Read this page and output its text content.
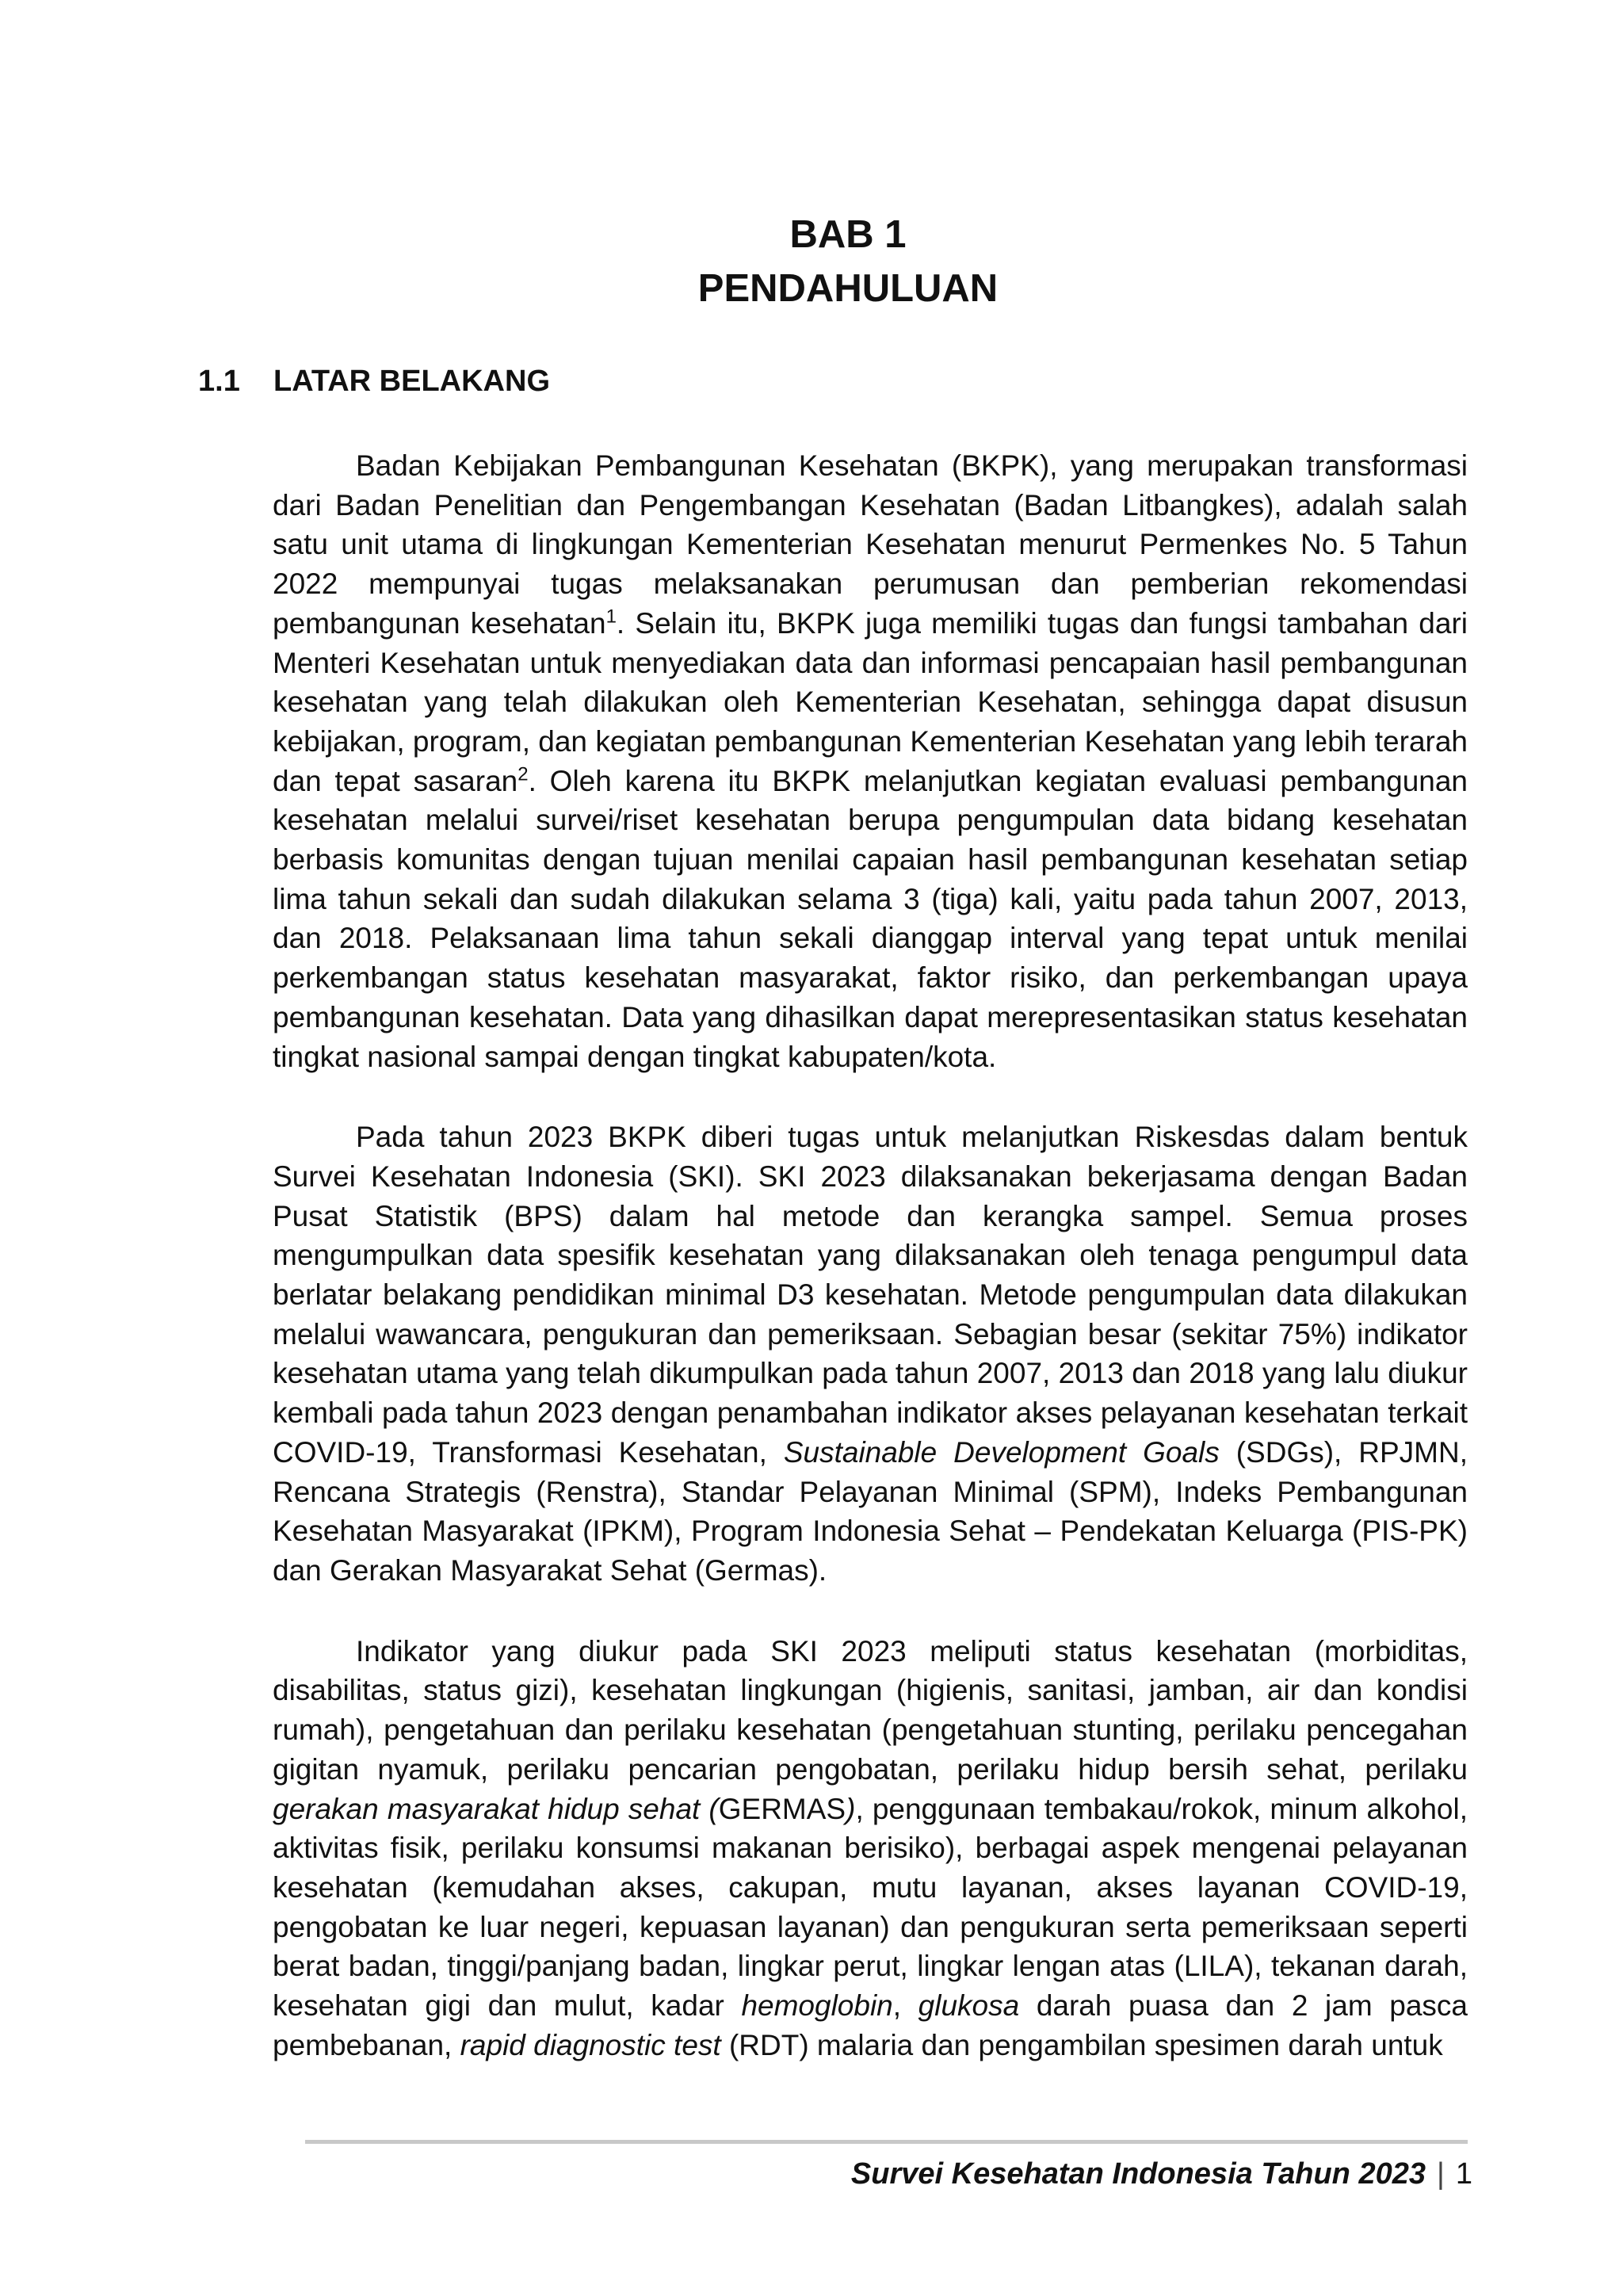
BAB 1
PENDAHULUAN
1.1	LATAR BELAKANG

Badan Kebijakan Pembangunan Kesehatan (BKPK), yang merupakan transformasi dari Badan Penelitian dan Pengembangan Kesehatan (Badan Litbangkes), adalah salah satu unit utama di lingkungan Kementerian Kesehatan menurut Permenkes No. 5 Tahun 2022 mempunyai tugas melaksanakan perumusan dan pemberian rekomendasi pembangunan kesehatan$^1$. Selain itu, BKPK juga memiliki tugas dan fungsi tambahan dari Menteri Kesehatan untuk menyediakan data dan informasi pencapaian hasil pembangunan kesehatan yang telah dilakukan oleh Kementerian Kesehatan, sehingga dapat disusun kebijakan, program, dan kegiatan pembangunan Kementerian Kesehatan yang lebih terarah dan tepat sasaran$^2$. Oleh karena itu BKPK melanjutkan kegiatan evaluasi pembangunan kesehatan melalui survei/riset kesehatan berupa pengumpulan data bidang kesehatan berbasis komunitas dengan tujuan menilai capaian hasil pembangunan kesehatan setiap lima tahun sekali dan sudah dilakukan selama 3 (tiga) kali, yaitu pada tahun 2007, 2013, dan 2018. Pelaksanaan lima tahun sekali dianggap interval yang tepat untuk menilai perkembangan status kesehatan masyarakat, faktor risiko, dan perkembangan upaya pembangunan kesehatan. Data yang dihasilkan dapat merepresentasikan status kesehatan tingkat nasional sampai dengan tingkat kabupaten/kota.

Pada tahun 2023 BKPK diberi tugas untuk melanjutkan Riskesdas dalam bentuk Survei Kesehatan Indonesia (SKI). SKI 2023 dilaksanakan bekerjasama dengan Badan Pusat Statistik (BPS) dalam hal metode dan kerangka sampel. Semua proses mengumpulkan data spesifik kesehatan yang dilaksanakan oleh tenaga pengumpul data berlatar belakang pendidikan minimal D3 kesehatan. Metode pengumpulan data dilakukan melalui wawancara, pengukuran dan pemeriksaan. Sebagian besar (sekitar 75%) indikator kesehatan utama yang telah dikumpulkan pada tahun 2007, 2013 dan 2018 yang lalu diukur kembali pada tahun 2023 dengan penambahan indikator akses pelayanan kesehatan terkait COVID-19, Transformasi Kesehatan, Sustainable Development Goals (SDGs), RPJMN, Rencana Strategis (Renstra), Standar Pelayanan Minimal (SPM), Indeks Pembangunan Kesehatan Masyarakat (IPKM), Program Indonesia Sehat – Pendekatan Keluarga (PIS-PK) dan Gerakan Masyarakat Sehat (Germas).

Indikator yang diukur pada SKI 2023 meliputi status kesehatan (morbiditas, disabilitas, status gizi), kesehatan lingkungan (higienis, sanitasi, jamban, air dan kondisi rumah), pengetahuan dan perilaku kesehatan (pengetahuan stunting, perilaku pencegahan gigitan nyamuk, perilaku pencarian pengobatan, perilaku hidup bersih sehat, perilaku gerakan masyarakat hidup sehat (GERMAS), penggunaan tembakau/rokok, minum alkohol, aktivitas fisik, perilaku konsumsi makanan berisiko), berbagai aspek mengenai pelayanan kesehatan (kemudahan akses, cakupan, mutu layanan, akses layanan COVID-19, pengobatan ke luar negeri, kepuasan layanan) dan pengukuran serta pemeriksaan seperti berat badan, tinggi/panjang badan, lingkar perut, lingkar lengan atas (LILA), tekanan darah, kesehatan gigi dan mulut, kadar hemoglobin, glukosa darah puasa dan 2 jam pasca pembebanan, rapid diagnostic test (RDT) malaria dan pengambilan spesimen darah untuk

Survei Kesehatan Indonesia Tahun 2023 | 1
